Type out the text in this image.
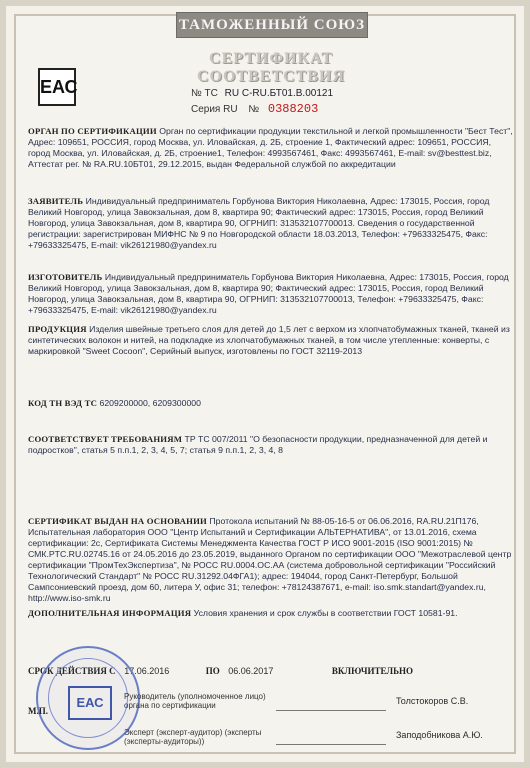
ТАМОЖЕННЫЙ СОЮЗ
СЕРТИФИКАТ СООТВЕТСТВИЯ
ЕАС	№ ТС RU C-RU.БТ01.В.00121
Серия RU № 0388203
ОРГАН ПО СЕРТИФИКАЦИИ Орган по сертификации продукции текстильной и легкой промышленности "Бест Тест", Адрес: 109651, РОССИЯ, город Москва, ул. Иловайская, д. 2Б, строение 1, Фактический адрес: 109651, РОССИЯ, город Москва, ул. Иловайская, д. 2Б, строение1, Телефон: 4993567461, Факс: 4993567461, E-mail: sv@besttest.biz, Аттестат рег. № RA.RU.10БТ01, 29.12.2015, выдан Федеральной службой по аккредитации
ЗАЯВИТЕЛЬ Индивидуальный предприниматель Горбунова Виктория Николаевна, Адрес: 173015, Россия, город Великий Новгород, улица Завокзальная, дом 8, квартира 90; Фактический адрес: 173015, Россия, город Великий Новгород, улица Завокзальная, дом 8, квартира 90, ОГРНИП: 313532107700013. Сведения о государственной регистрации: зарегистрирован МИФНС № 9 по Новгородской области 18.03.2013, Телефон: +79633325475, Факс: +79633325475, E-mail: vik26121980@yandex.ru
ИЗГОТОВИТЕЛЬ Индивидуальный предприниматель Горбунова Виктория Николаевна, Адрес: 173015, Россия, город Великий Новгород, улица Завокзальная, дом 8, квартира 90; Фактический адрес: 173015, Россия, город Великий Новгород, улица Завокзальная, дом 8, квартира 90, ОГРНИП: 313532107700013, Телефон: +79633325475, Факс: +79633325475, E-mail: vik26121980@yandex.ru
ПРОДУКЦИЯ Изделия швейные третьего слоя для детей до 1,5 лет с верхом из хлопчатобумажных тканей, тканей из синтетических волокон и нитей, на подкладке из хлопчатобумажных тканей, в том числе утепленные: конверты, с маркировкой "Sweet Cocoon", Серийный выпуск, изготовлены по ГОСТ 32119-2013
КОД ТН ВЭД ТС 6209200000, 6209300000
СООТВЕТСТВУЕТ ТРЕБОВАНИЯМ ТР ТС 007/2011 "О безопасности продукции, предназначенной для детей и подростков", статья 5 п.п.1, 2, 3, 4, 5, 7; статья 9 п.п.1, 2, 3, 4, 8
СЕРТИФИКАТ ВЫДАН НА ОСНОВАНИИ Протокола испытаний № 88-05-16-5 от 06.06.2016, RA.RU.21П176, Испытательная лаборатория ООО "Центр Испытаний и Сертификации АЛЬТЕРНАТИВА", от 13.01.2016, схема сертификации: 2с, Сертификата Системы Менеджмента Качества ГОСТ Р ИСО 9001-2015 (ISO 9001:2015) № СМК.PTC.RU.02745.16 от 24.05.2016 до 23.05.2019, выданного Органом по сертификации ООО "Межотраслевой центр сертификации "ПромТехЭкспертиза", № РОСС RU.0004.ОС.АА (система добровольной сертификации "Российский Технологический Стандарт" № РОСС RU.31292.04ФГА1); адрес: 194044, город Санкт-Петербург, Большой Сампсониевский проезд, дом 60, литера У, офис 31; телефон: +78124387671, e-mail: iso.smk.standart@yandex.ru, http://www.iso-smk.ru
ДОПОЛНИТЕЛЬНАЯ ИНФОРМАЦИЯ Условия хранения и срок службы в соответствии ГОСТ 10581-91.
СРОК ДЕЙСТВИЯ С 17.06.2016	ПО 06.06.2017	ВКЛЮЧИТЕЛЬНО
ЕАС
М.П.
Руководитель (уполномоченное лицо) органа по сертификации	Толстокоров С.В.
Эксперт (эксперт-аудитор) (эксперты (эксперты-аудиторы))
Заподобникова А.Ю.
